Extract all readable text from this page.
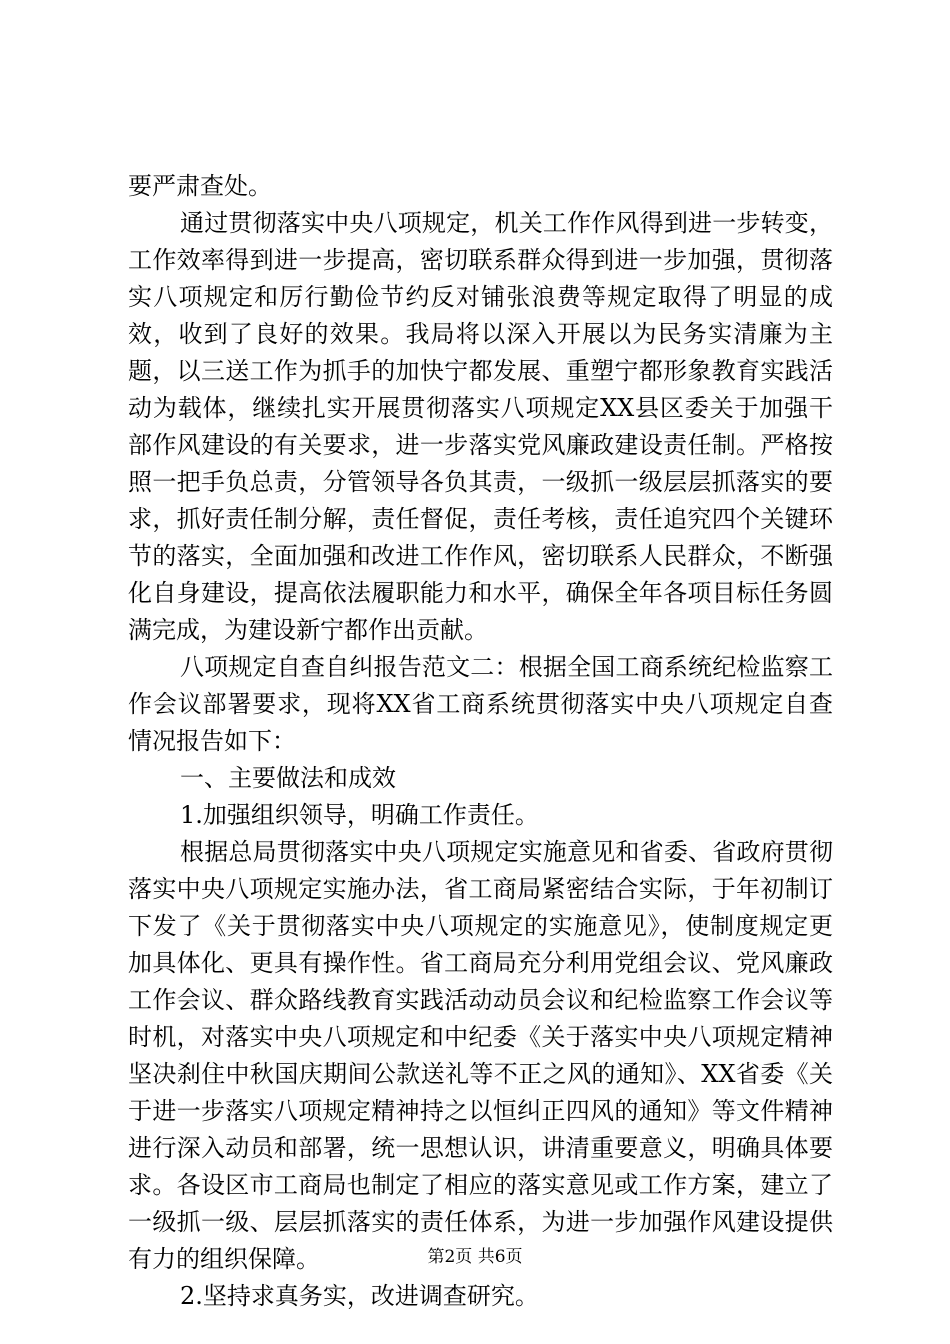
要严肃查处。

通过贯彻落实中央八项规定，机关工作作风得到进一步转变，工作效率得到进一步提高，密切联系群众得到进一步加强，贯彻落实八项规定和厉行勤俭节约反对铺张浪费等规定取得了明显的成效，收到了良好的效果。我局将以深入开展以为民务实清廉为主题，以三送工作为抓手的加快宁都发展、重塑宁都形象教育实践活动为载体，继续扎实开展贯彻落实八项规定XX县区委关于加强干部作风建设的有关要求，进一步落实党风廉政建设责任制。严格按照一把手负总责，分管领导各负其责，一级抓一级层层抓落实的要求，抓好责任制分解，责任督促，责任考核，责任追究四个关键环节的落实，全面加强和改进工作作风，密切联系人民群众，不断强化自身建设，提高依法履职能力和水平，确保全年各项目标任务圆满完成，为建设新宁都作出贡献。

八项规定自查自纠报告范文二：根据全国工商系统纪检监察工作会议部署要求，现将XX省工商系统贯彻落实中央八项规定自查情况报告如下：

一、主要做法和成效

1.加强组织领导，明确工作责任。

根据总局贯彻落实中央八项规定实施意见和省委、省政府贯彻落实中央八项规定实施办法，省工商局紧密结合实际，于年初制订下发了《关于贯彻落实中央八项规定的实施意见》，使制度规定更加具体化、更具有操作性。省工商局充分利用党组会议、党风廉政工作会议、群众路线教育实践活动动员会议和纪检监察工作会议等时机，对落实中央八项规定和中纪委《关于落实中央八项规定精神坚决刹住中秋国庆期间公款送礼等不正之风的通知》、XX省委《关于进一步落实八项规定精神持之以恒纠正四风的通知》等文件精神进行深入动员和部署，统一思想认识，讲清重要意义，明确具体要求。各设区市工商局也制定了相应的落实意见或工作方案，建立了一级抓一级、层层抓落实的责任体系，为进一步加强作风建设提供有力的组织保障。

2.坚持求真务实，改进调查研究。

第2页 共6页
